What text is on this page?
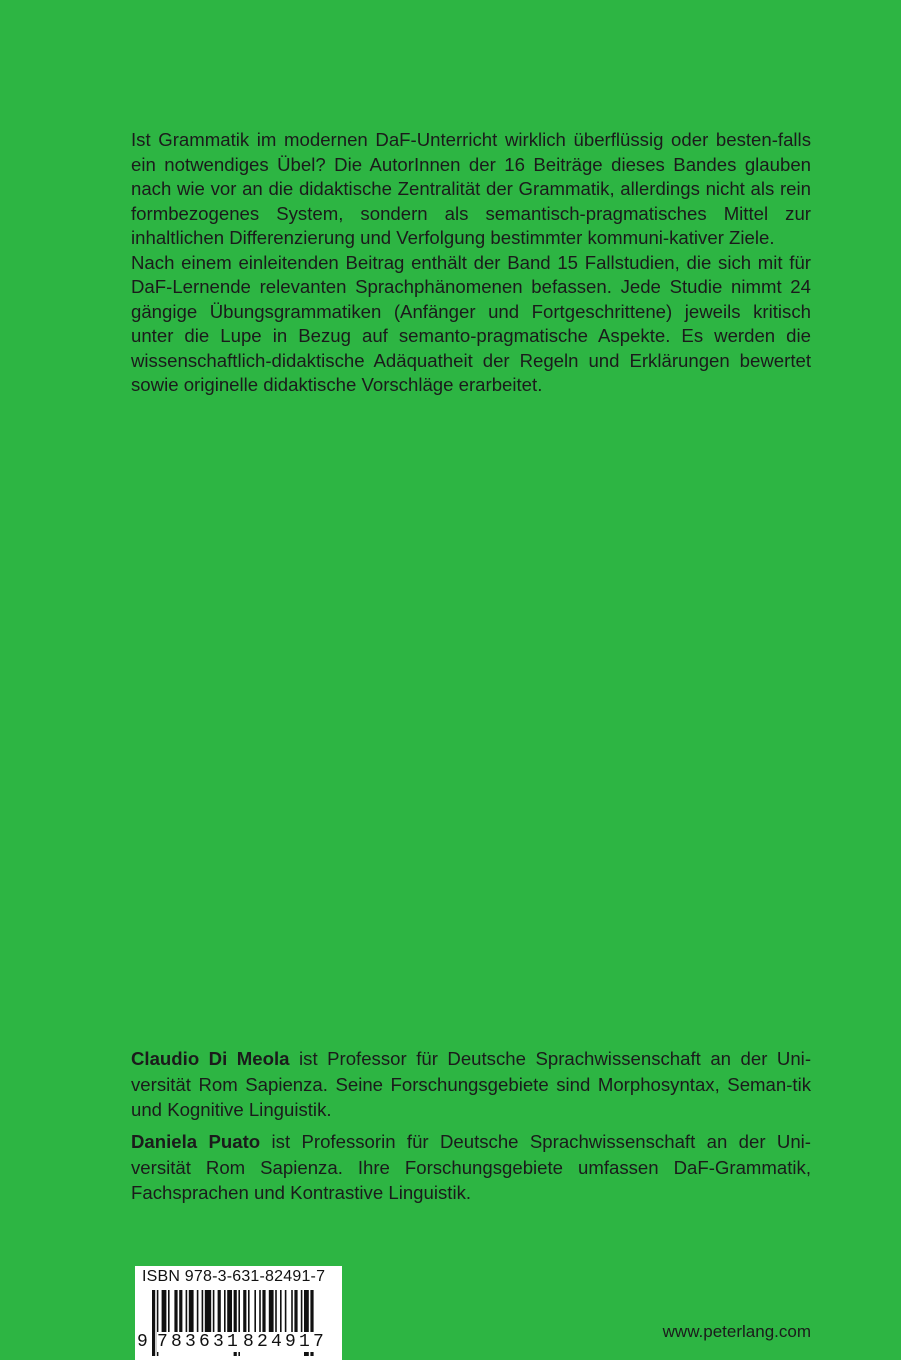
Ist Grammatik im modernen DaF-Unterricht wirklich überflüssig oder besten-falls ein notwendiges Übel? Die AutorInnen der 16 Beiträge dieses Bandes glauben nach wie vor an die didaktische Zentralität der Grammatik, allerdings nicht als rein formbezogenes System, sondern als semantisch-pragmatisches Mittel zur inhaltlichen Differenzierung und Verfolgung bestimmter kommuni-kativer Ziele.

Nach einem einleitenden Beitrag enthält der Band 15 Fallstudien, die sich mit für DaF-Lernende relevanten Sprachphänomenen befassen. Jede Studie nimmt 24 gängige Übungsgrammatiken (Anfänger und Fortgeschrittene) jeweils kritisch unter die Lupe in Bezug auf semanto-pragmatische Aspekte. Es werden die wissenschaftlich-didaktische Adäquatheit der Regeln und Erklärungen bewertet sowie originelle didaktische Vorschläge erarbeitet.

Claudio Di Meola ist Professor für Deutsche Sprachwissenschaft an der Uni-versität Rom Sapienza. Seine Forschungsgebiete sind Morphosyntax, Seman-tik und Kognitive Linguistik.

Daniela Puato ist Professorin für Deutsche Sprachwissenschaft an der Uni-versität Rom Sapienza. Ihre Forschungsgebiete umfassen DaF-Grammatik, Fachsprachen und Kontrastive Linguistik.

ISBN 978-3-631-82491-7
9 783631 824917
www.peterlang.com
